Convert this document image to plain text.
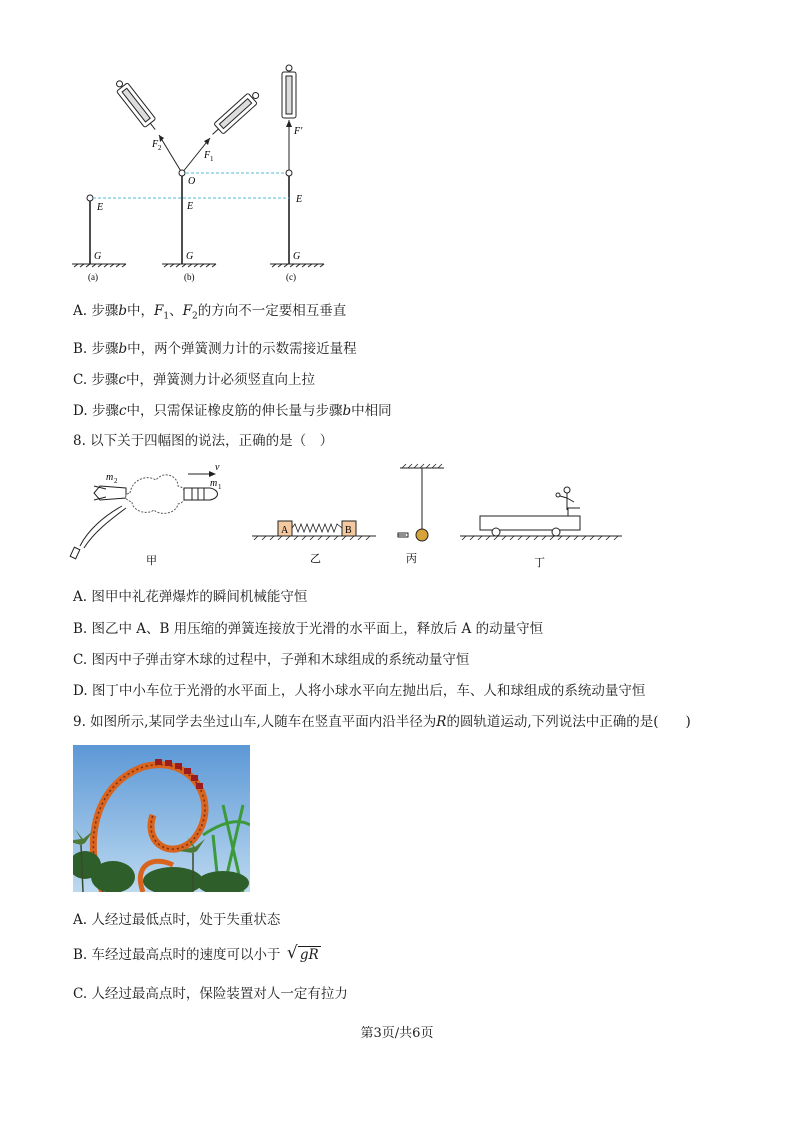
E
G
O
E
G
F 2
F 1
F′
E
G
(a)	(b)	(c)
A. 步骤b中，$F_1$、$F_2$的方向不一定要相互垂直
B. 步骤b中，两个弹簧测力计的示数需接近量程
C. 步骤c中，弹簧测力计必须竖直向上拉
D. 步骤c中，只需保证橡皮筋的伸长量与步骤b中相同
8. 以下关于四幅图的说法，正确的是（　）
m 2
v
m 1
甲
A	B
乙	丙	丁
A. 图甲中礼花弹爆炸的瞬间机械能守恒
B. 图乙中 A、B 用压缩的弹簧连接放于光滑的水平面上，释放后 A 的动量守恒
C. 图丙中子弹击穿木球的过程中，子弹和木球组成的系统动量守恒
D. 图丁中小车位于光滑的水平面上，人将小球水平向左抛出后，车、人和球组成的系统动量守恒
9. 如图所示,某同学去坐过山车,人随车在竖直平面内沿半径为R的圆轨道运动,下列说法中正确的是(　　)
A. 人经过最低点时，处于失重状态
B. 车经过最高点时的速度可以小于 √ gR
C. 人经过最高点时，保险装置对人一定有拉力
第3页/共6页
